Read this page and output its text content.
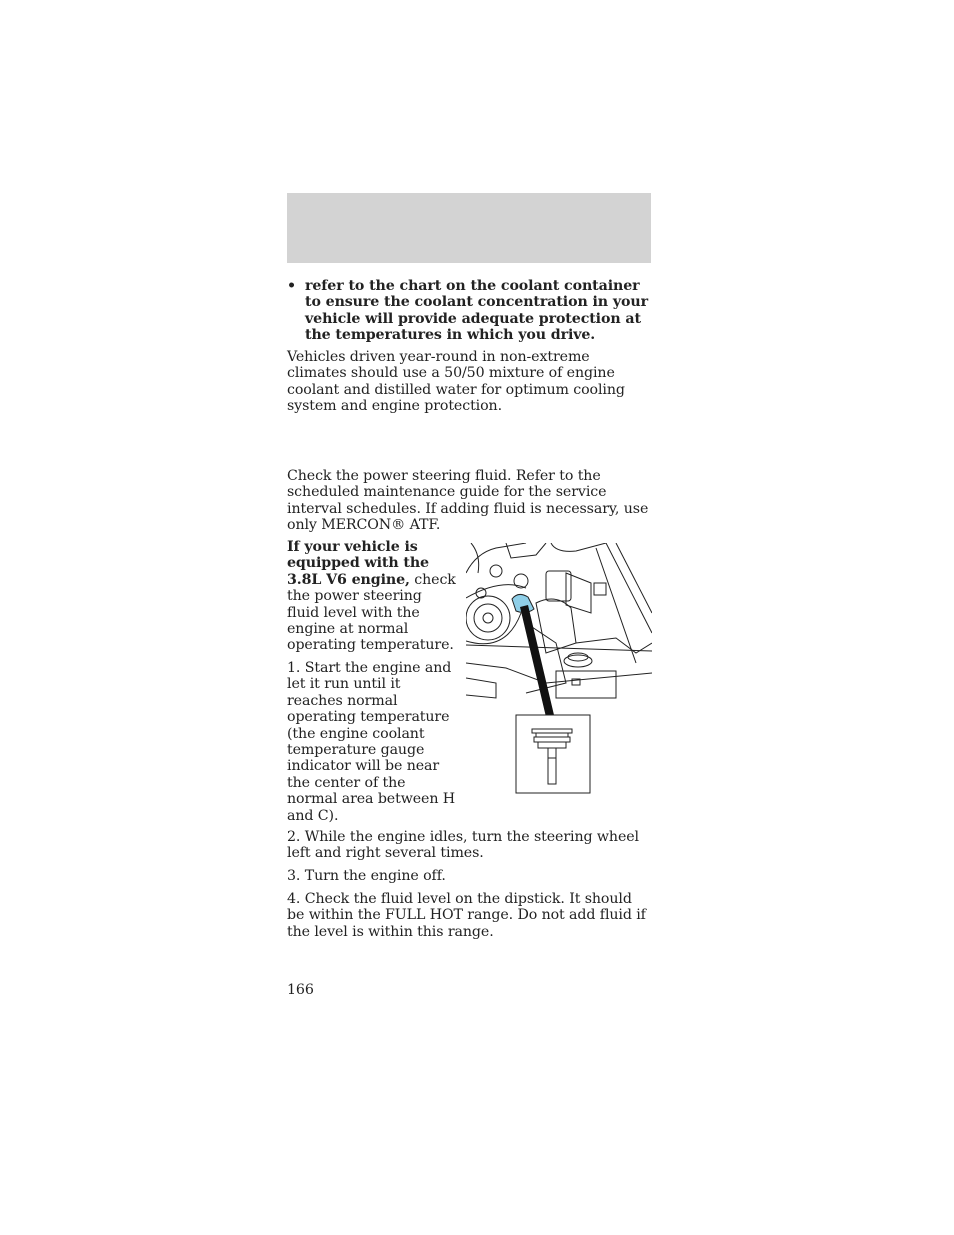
• refer to the chart on the coolant container to ensure the coolant concentration in your vehicle will provide adequate protection at the temperatures in which you drive.
Vehicles driven year-round in non-extreme climates should use a 50/50 mixture of engine coolant and distilled water for optimum cooling system and engine protection.
Check the power steering fluid. Refer to the scheduled maintenance guide for the service interval schedules. If adding fluid is necessary, use only MERCON® ATF.
If your vehicle is equipped with the 3.8L V6 engine, check the power steering fluid level with the engine at normal operating temperature.
1. Start the engine and let it run until it reaches normal operating temperature (the engine coolant temperature gauge indicator will be near the center of the normal area between H and C).
2. While the engine idles, turn the steering wheel left and right several times.
3. Turn the engine off.
4. Check the fluid level on the dipstick. It should be within the FULL HOT range. Do not add fluid if the level is within this range.
166
